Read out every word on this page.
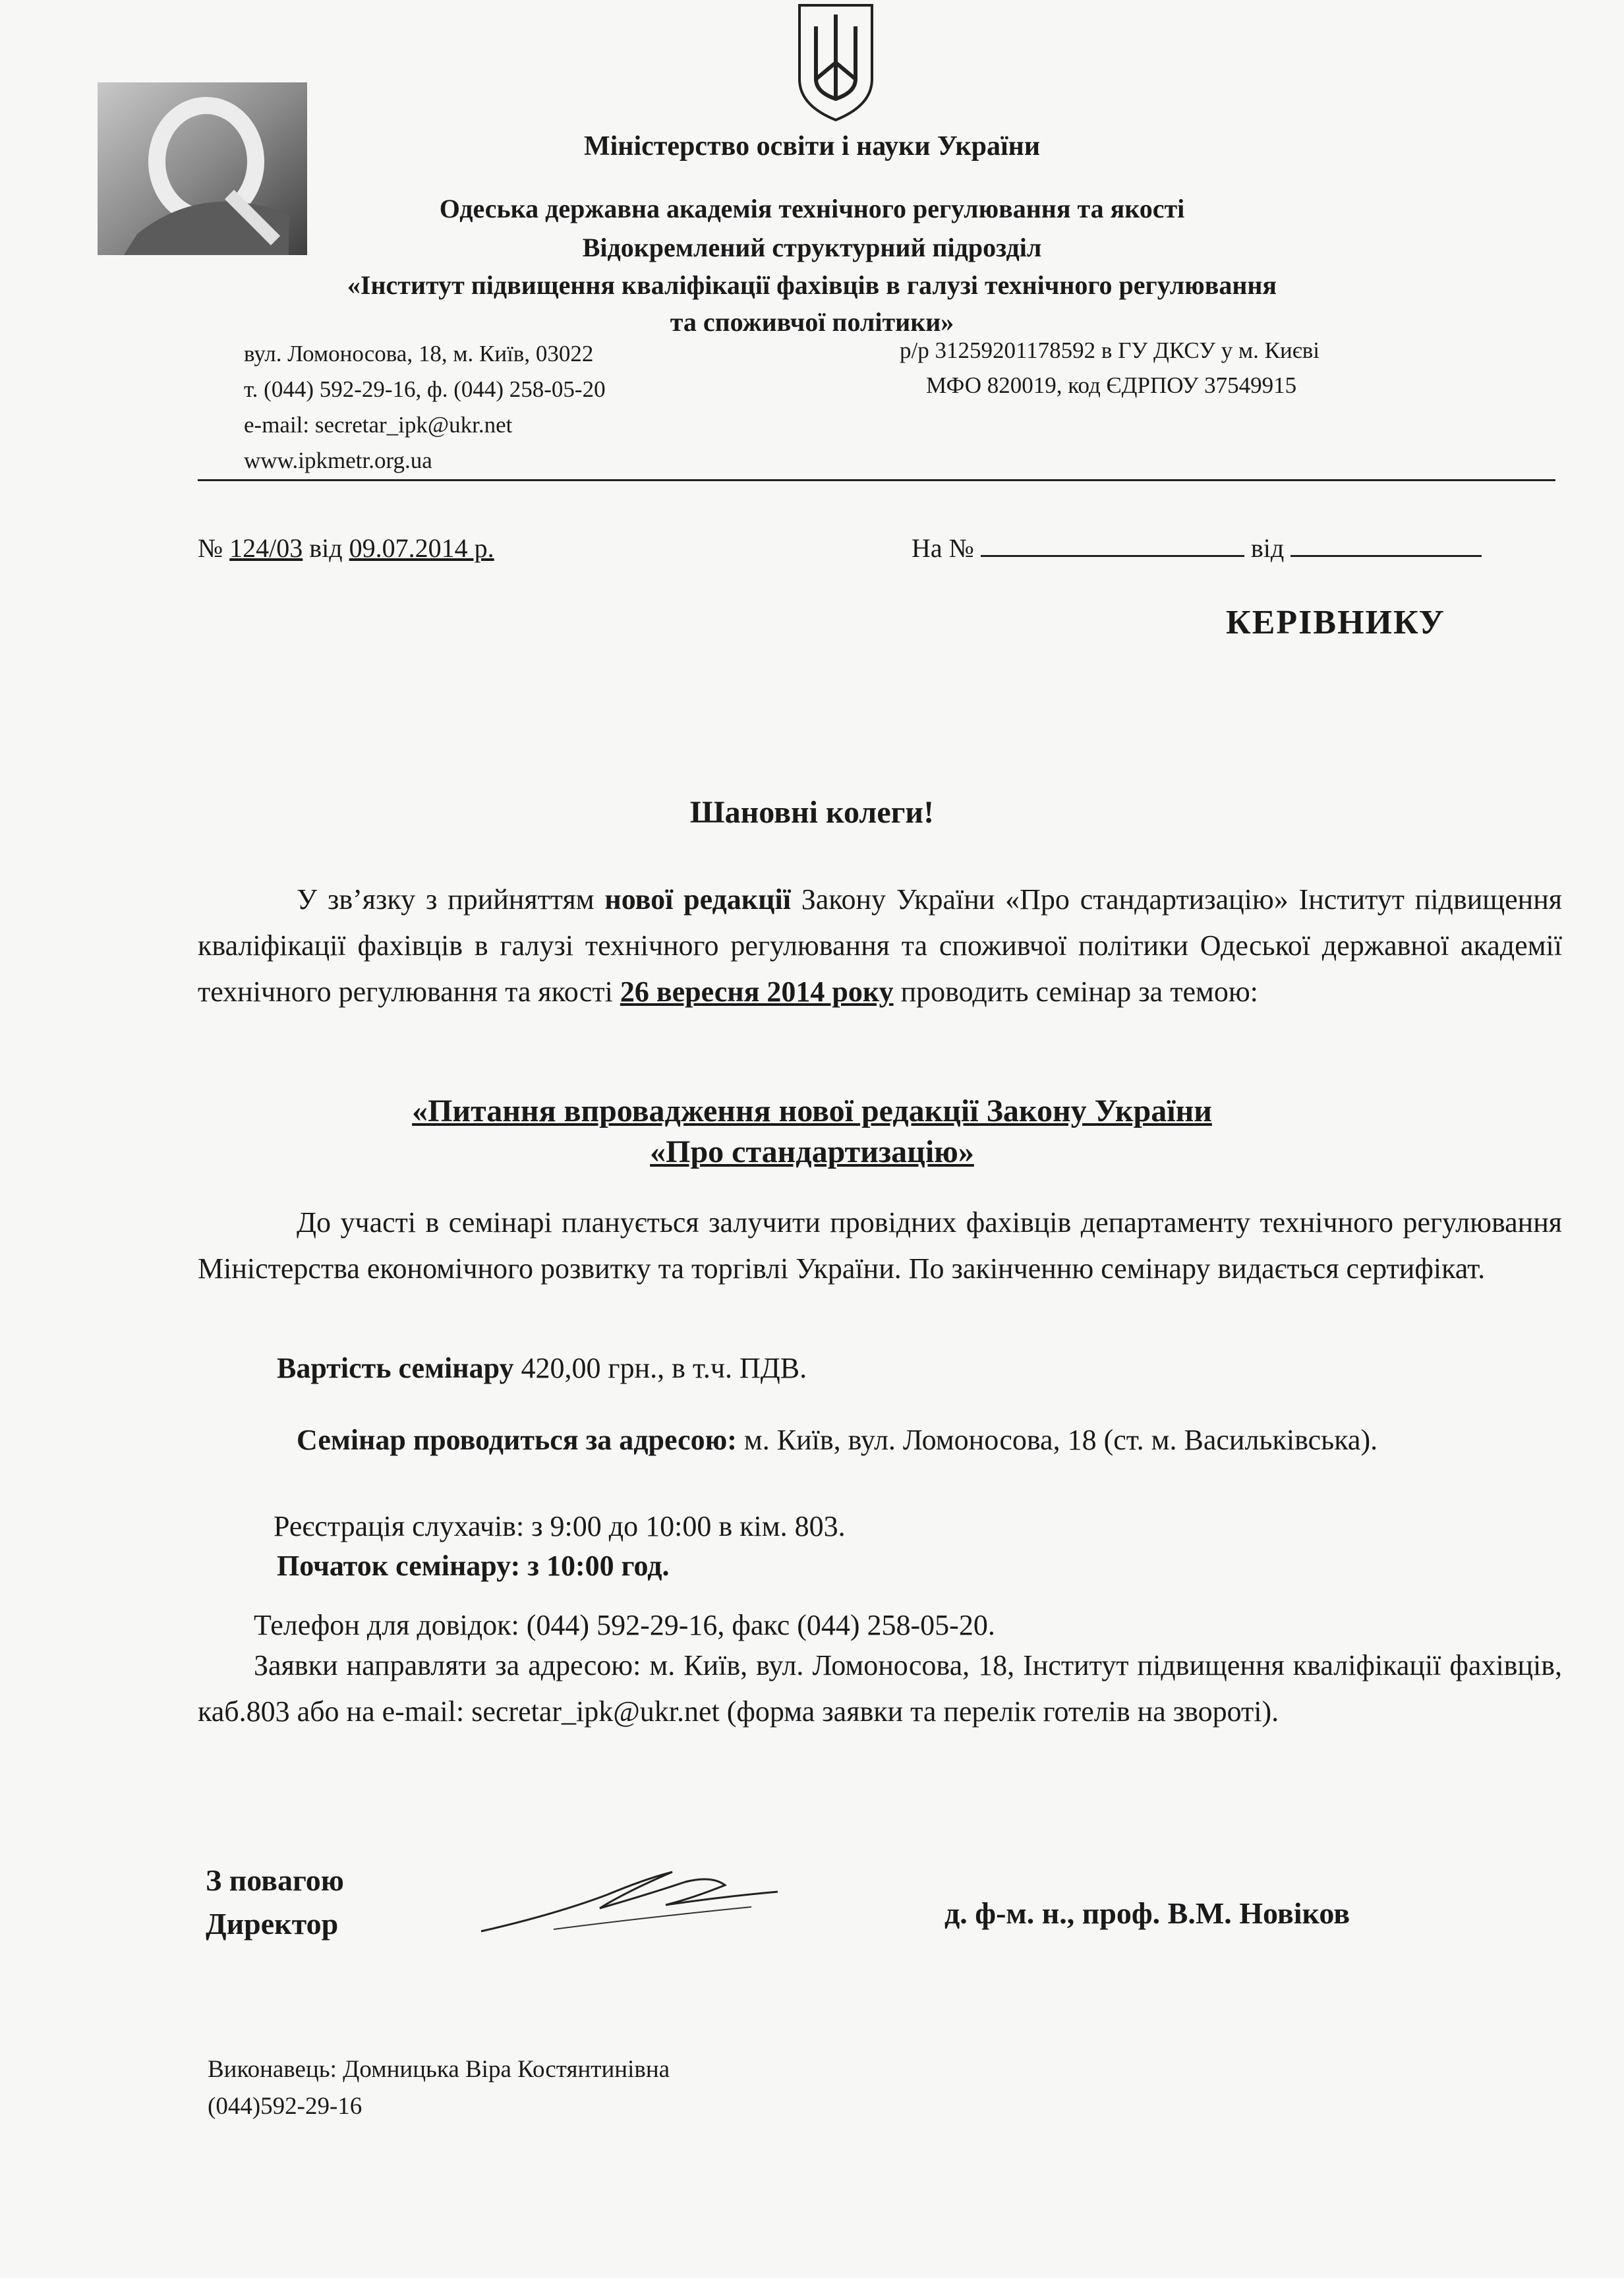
Міністерство освіти і науки України
Одеська державна академія технічного регулювання та якості
Відокремлений структурний підрозділ
«Інститут підвищення кваліфікації фахівців в галузі технічного регулювання
та споживчої політики»
вул. Ломоносова, 18, м. Київ, 03022
т. (044) 592-29-16, ф. (044) 258-05-20
e-mail: secretar_ipk@ukr.net
www.ipkmetr.org.ua
р/р 31259201178592 в ГУ ДКСУ у м. Києві
МФО 820019, код ЄДРПОУ 37549915
№ 124/03 від 09.07.2014 р.	На №	від
КЕРІВНИКУ
Шановні колеги!
У зв’язку з прийняттям нової редакції Закону України «Про стандартизацію» Інститут підвищення кваліфікації фахівців в галузі технічного регулювання та споживчої політики Одеської державної академії технічного регулювання та якості 26 вересня 2014 року проводить семінар за темою:
«Питання впровадження нової редакції Закону України
«Про стандартизацію»
До участі в семінарі планується залучити провідних фахівців департаменту технічного регулювання Міністерства економічного розвитку та торгівлі України. По закінченню семінару видається сертифікат.
Вартість семінару 420,00 грн., в т.ч. ПДВ.
Семінар проводиться за адресою: м. Київ, вул. Ломоносова, 18 (ст. м. Васильківська).
Реєстрація слухачів: з 9:00 до 10:00 в кім. 803.
Початок семінару: з 10:00 год.
Телефон для довідок: (044) 592-29-16, факс (044) 258-05-20.
Заявки направляти за адресою: м. Київ, вул. Ломоносова, 18, Інститут підвищення кваліфікації фахівців, каб.803 або на e-mail: secretar_ipk@ukr.net (форма заявки та перелік готелів на звороті).
З повагою
Директор	д. ф-м. н., проф. В.М. Новіков
Виконавець: Домницька Віра Костянтинівна
(044)592-29-16
